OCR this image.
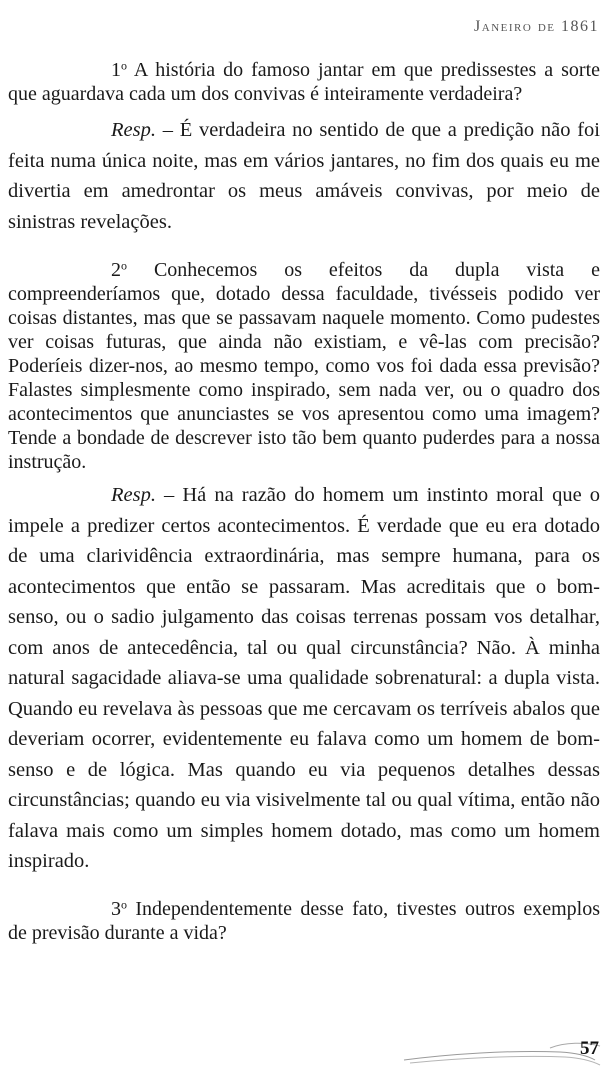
Janeiro de 1861

1$^o$ A história do famoso jantar em que predissestes a sorte que aguardava cada um dos convivas é inteiramente verdadeira?

Resp. – É verdadeira no sentido de que a predição não foi feita numa única noite, mas em vários jantares, no fim dos quais eu me divertia em amedrontar os meus amáveis convivas, por meio de sinistras revelações.

2$^o$ Conhecemos os efeitos da dupla vista e compreenderíamos que, dotado dessa faculdade, tivésseis podido ver coisas distantes, mas que se passavam naquele momento. Como pudestes ver coisas futuras, que ainda não existiam, e vê-las com precisão? Poderíeis dizer-nos, ao mesmo tempo, como vos foi dada essa previsão? Falastes simplesmente como inspirado, sem nada ver, ou o quadro dos acontecimentos que anunciastes se vos apresentou como uma imagem? Tende a bondade de descrever isto tão bem quanto puderdes para a nossa instrução.

Resp. – Há na razão do homem um instinto moral que o impele a predizer certos acontecimentos. É verdade que eu era dotado de uma clarividência extraordinária, mas sempre humana, para os acontecimentos que então se passaram. Mas acreditais que o bom-senso, ou o sadio julgamento das coisas terrenas possam vos detalhar, com anos de antecedência, tal ou qual circunstância? Não. À minha natural sagacidade aliava-se uma qualidade sobrenatural: a dupla vista. Quando eu revelava às pessoas que me cercavam os terríveis abalos que deveriam ocorrer, evidentemente eu falava como um homem de bom-senso e de lógica. Mas quando eu via pequenos detalhes dessas circunstâncias; quando eu via visivelmente tal ou qual vítima, então não falava mais como um simples homem dotado, mas como um homem inspirado.

3$^o$ Independentemente desse fato, tivestes outros exemplos de previsão durante a vida?

57
